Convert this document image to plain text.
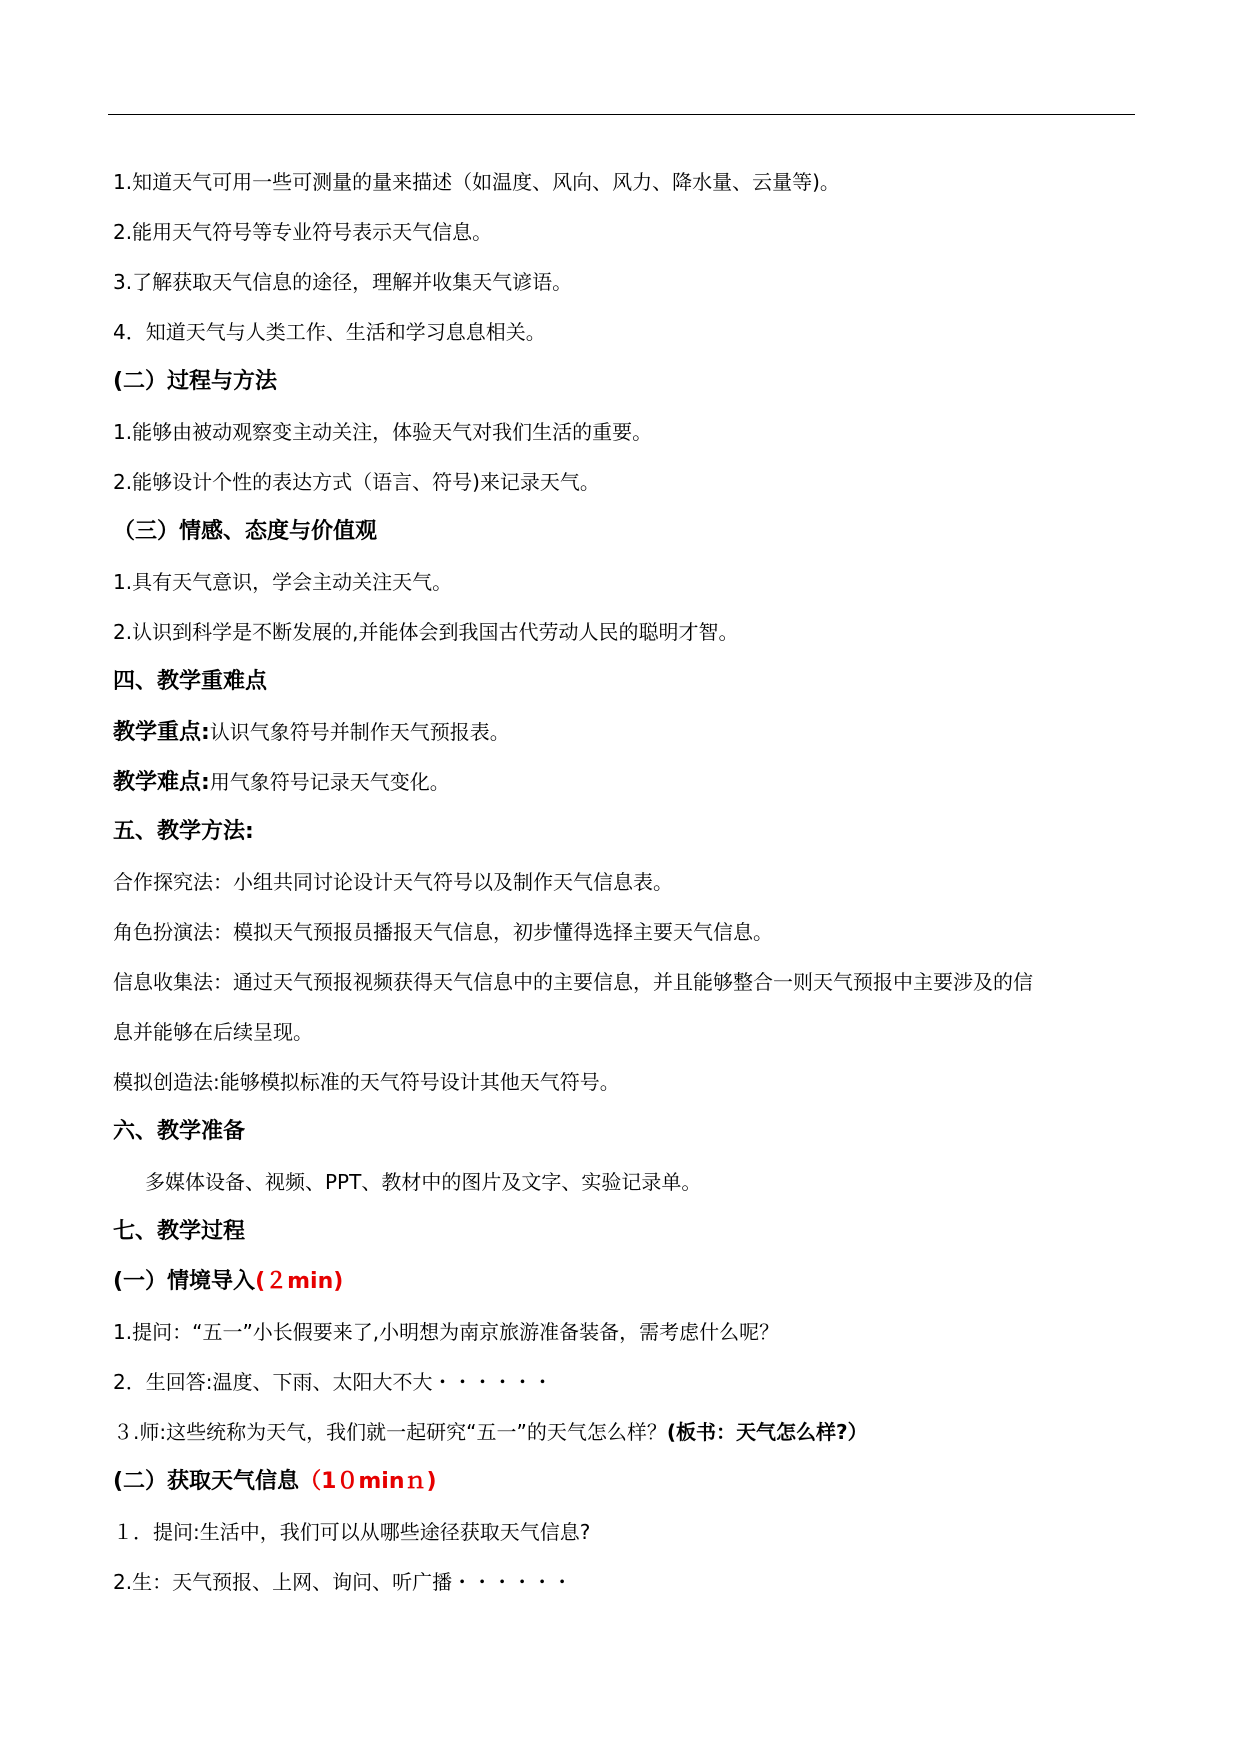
1.知道天气可用一些可测量的量来描述（如温度、风向、风力、降水量、云量等)。
2.能用天气符号等专业符号表示天气信息。
3.了解获取天气信息的途径，理解并收集天气谚语。
4．知道天气与人类工作、生活和学习息息相关。
(二）过程与方法
1.能够由被动观察变主动关注，体验天气对我们生活的重要。
2.能够设计个性的表达方式（语言、符号)来记录天气。
（三）情感、态度与价值观
1.具有天气意识，学会主动关注天气。
2.认识到科学是不断发展的,并能体会到我国古代劳动人民的聪明才智。
四、教学重难点
教学重点:认识气象符号并制作天气预报表。
教学难点:用气象符号记录天气变化。
五、教学方法:
合作探究法：小组共同讨论设计天气符号以及制作天气信息表。
角色扮演法：模拟天气预报员播报天气信息，初步懂得选择主要天气信息。
信息收集法：通过天气预报视频获得天气信息中的主要信息，并且能够整合一则天气预报中主要涉及的信
息并能够在后续呈现。
模拟创造法:能够模拟标准的天气符号设计其他天气符号。
六、教学准备
多媒体设备、视频、PPT、教材中的图片及文字、实验记录单。
七、教学过程
(一）情境导入(２min)
1.提问：“五一”小长假要来了,小明想为南京旅游准备装备，需考虑什么呢？
2．生回答:温度、下雨、太阳大不大・・・・・・
３.师:这些统称为天气，我们就一起研究“五一”的天气怎么样？(板书：天气怎么样?）
(二）获取天气信息（1０minｎ)
１．提问:生活中，我们可以从哪些途径获取天气信息?
2.生：天气预报、上网、询问、听广播・・・・・・
